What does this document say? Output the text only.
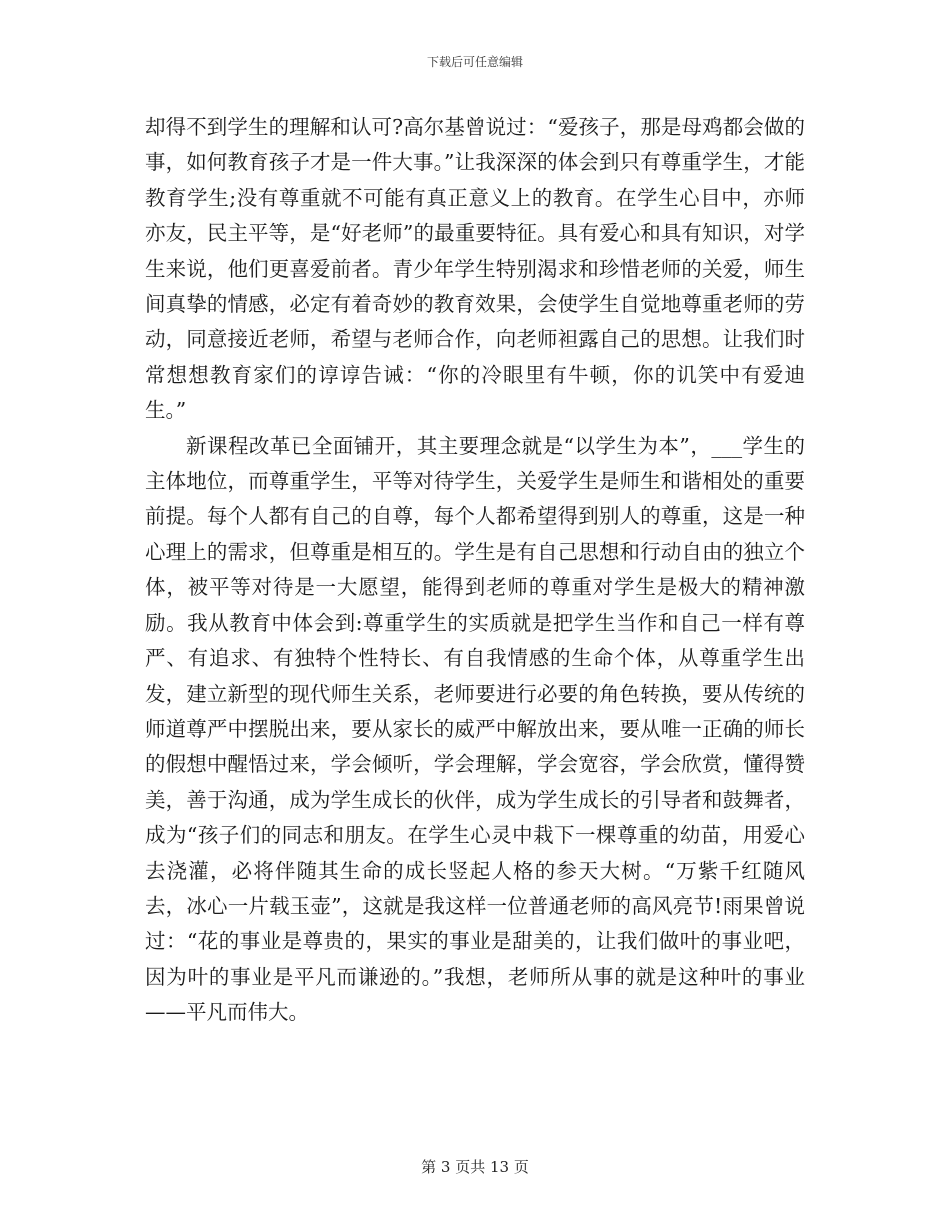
下载后可任意编辑

却得不到学生的理解和认可?高尔基曾说过：“爱孩子，那是母鸡都会做的事，如何教育孩子才是一件大事。”让我深深的体会到只有尊重学生，才能教育学生;没有尊重就不可能有真正意义上的教育。在学生心目中，亦师亦友，民主平等，是“好老师”的最重要特征。具有爱心和具有知识，对学生来说，他们更喜爱前者。青少年学生特别渴求和珍惜老师的关爱，师生间真挚的情感，必定有着奇妙的教育效果，会使学生自觉地尊重老师的劳动，同意接近老师，希望与老师合作，向老师袒露自己的思想。让我们时常想想教育家们的谆谆告诫：“你的冷眼里有牛顿，你的讥笑中有爱迪生。”

新课程改革已全面铺开，其主要理念就是“以学生为本”，___学生的主体地位，而尊重学生，平等对待学生，关爱学生是师生和谐相处的重要前提。每个人都有自己的自尊，每个人都希望得到别人的尊重，这是一种心理上的需求，但尊重是相互的。学生是有自己思想和行动自由的独立个体，被平等对待是一大愿望，能得到老师的尊重对学生是极大的精神激励。我从教育中体会到:尊重学生的实质就是把学生当作和自己一样有尊严、有追求、有独特个性特长、有自我情感的生命个体，从尊重学生出发，建立新型的现代师生关系，老师要进行必要的角色转换，要从传统的师道尊严中摆脱出来，要从家长的威严中解放出来，要从唯一正确的师长的假想中醒悟过来，学会倾听，学会理解，学会宽容，学会欣赏，懂得赞美，善于沟通，成为学生成长的伙伴，成为学生成长的引导者和鼓舞者，成为“孩子们的同志和朋友。在学生心灵中栽下一棵尊重的幼苗，用爱心去浇灌，必将伴随其生命的成长竖起人格的参天大树。“万紫千红随风去，冰心一片载玉壶”，这就是我这样一位普通老师的高风亮节!雨果曾说过：“花的事业是尊贵的，果实的事业是甜美的，让我们做叶的事业吧，因为叶的事业是平凡而谦逊的。”我想，老师所从事的就是这种叶的事业——平凡而伟大。

第 3 页共 13 页
